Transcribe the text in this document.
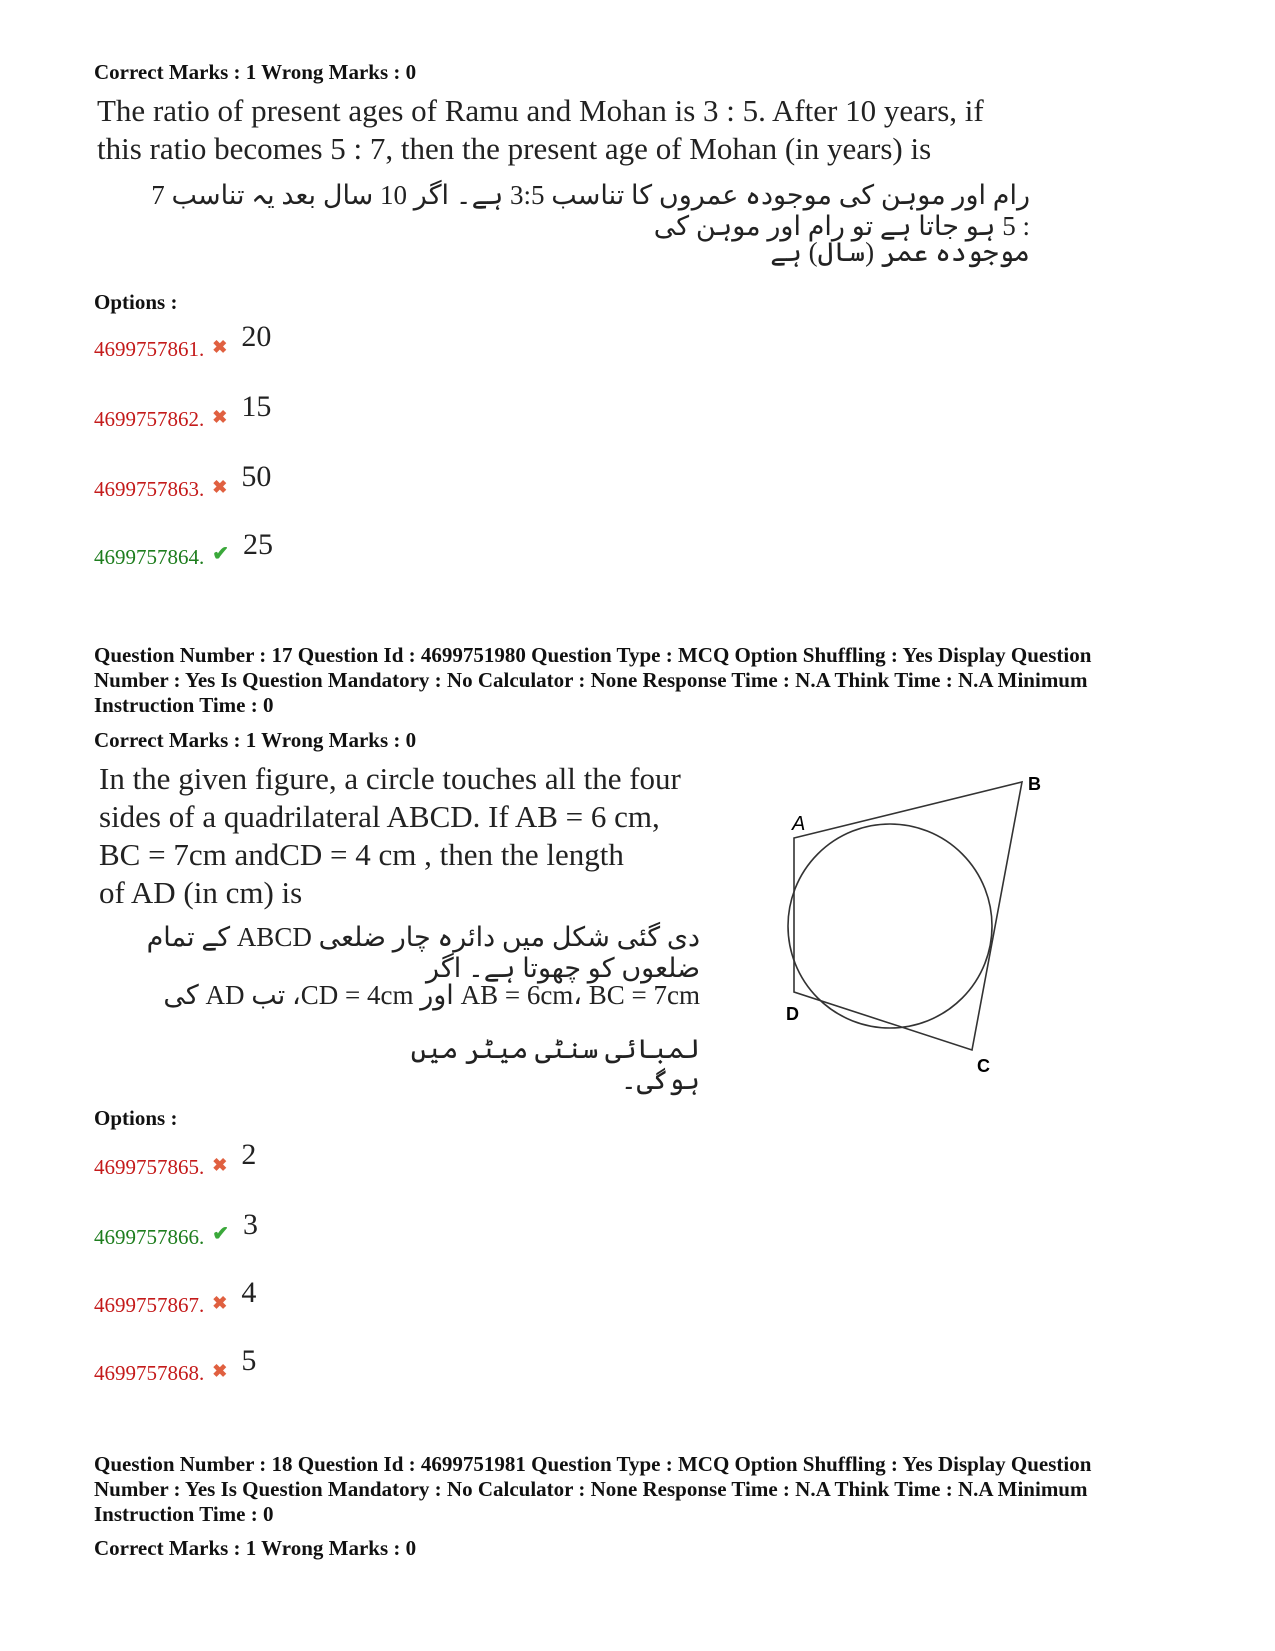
Correct Marks : 1 Wrong Marks : 0
The ratio of present ages of Ramu and Mohan is 3 : 5. After 10 years, if
this ratio becomes 5 : 7, then the present age of Mohan (in years) is
رام اور موہن کی موجودہ عمروں کا تناسب 3:5 ہے۔ اگر 10 سال بعد یہ تناسب 7 : 5 ہو جاتا ہے تو رام اور موہن کی
موجودہ عمر (سال) ہے
Options :
4699757861. ✖ 20
4699757862. ✖ 15
4699757863. ✖ 50
4699757864. ✔ 25
Question Number : 17 Question Id : 4699751980 Question Type : MCQ Option Shuffling : Yes Display Question
Number : Yes Is Question Mandatory : No Calculator : None Response Time : N.A Think Time : N.A Minimum
Instruction Time : 0
Correct Marks : 1 Wrong Marks : 0
In the given figure, a circle touches all the four
sides of a quadrilateral ABCD. If AB = 6 cm,
BC = 7cm andCD = 4 cm , then the length
of AD (in cm) is
دی گئی شکل میں دائرہ چار ضلعی ABCD کے تمام ضلعوں کو چھوتا ہے۔ اگر
AB = 6cm، BC = 7cm اور CD = 4cm، تب AD کی
لمبائی سنٹی میٹر میں ہوگی۔
A
B
C
D
Options :
4699757865. ✖ 2
4699757866. ✔ 3
4699757867. ✖ 4
4699757868. ✖ 5
Question Number : 18 Question Id : 4699751981 Question Type : MCQ Option Shuffling : Yes Display Question
Number : Yes Is Question Mandatory : No Calculator : None Response Time : N.A Think Time : N.A Minimum
Instruction Time : 0
Correct Marks : 1 Wrong Marks : 0
